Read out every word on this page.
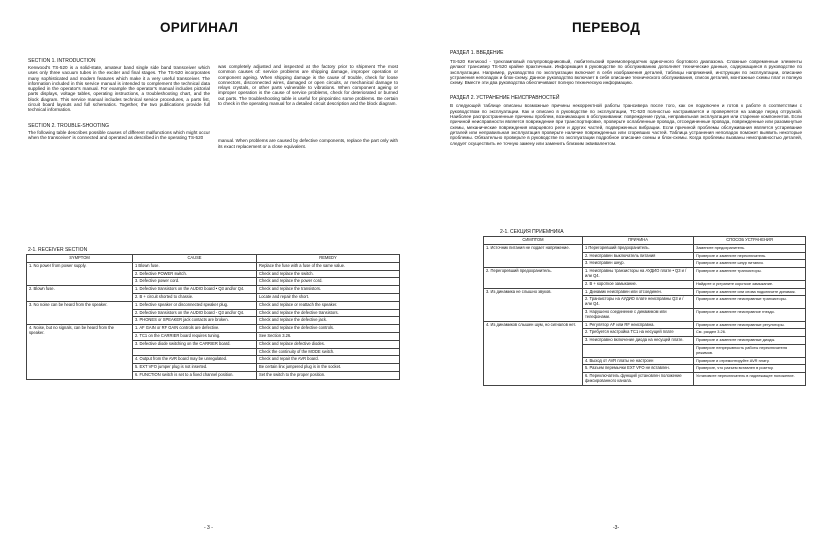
ОРИГИНАЛ
SECTION 1. INTRODUCTION
Kenwood's TS-520 is a solid-state, amateur band single side band transceiver which uses only three vacuum tubes in the exciter and final stages. The TS-520 incorporates many sophisticated and modern features which make it a very useful transceiver. The information included in this service manual is intended to complement the technical data supplied in the operator's manual. For example the operator's manual includes pictorial parts displays, voltage tables, operating instructions, a troubleshooting chart, and the block diagram. This service manual includes technical service procedures, a parts list, circuit board layouts and full schematics. Together, the two publications provide full technical information.
SECTION 2. TROUBLE-SHOOTING
The following table describes possible causes of different malfunctions which might occur when the transceiver' is connected and operated as described in the operating TS-520
was completely adjusted and inspected at the factory prior to shipment The most common causes of: service problems are shipping damage, improper operation or component ageing. When shipping damage is the cause of trouble, check for loose connectors, disconnected wires, damaged or open circuits, ar mechanical damage to relays crystals, or other parts vulnerable to vibrations. When component ageing or improper operation is the cause of service problems, check for deteriorated or burned out parts. The troubleshooting table is useful for pinpointinc some problems. Be certain to check in the operating manual for a detailed circuit description and the block diagram.
manual. When problems are caused by defective components, replace the part only with its exact replacement or a close equivalent.
2-1. RECEIVER SECTION
SYMPTOM	CAUSE	REMEDY
1. No power from power supply.	1 Blown fuse.	Replace the fuse with a fuse of the same value.
	2. Defective POWER switch.	Check and replace the switch.
	3. Defective power cord.	Check and replace the power cord.
2. Blown fuse.	1. Defective transistors on the AUDIO board • Q3 and/or Q4.	Check and replace the transistors.
	2. B + circuit shorted to chassie.	Locate and repair the short.
3. No noise can be heard from the speaker.	1. Defective speaker or disconnected speaker plug.	Check and replace or reattach the speaker.
	2. Defective transistors on the AUDIO board - Q3 and/or Q4.	Check and replace the defective transistors.
	3. PHONES or SPEAKER jack contacts are broken.	Check and replace the defective jack.
4. Noise, but no signals, can be heard from the speaker.	1. AF GAIN or RF GAIN controls are defective.	Check and replace the defective controls.
	2. TC1 on the CARRIER board requires tuning.	See Section 3.26.
	3. Defective diode switching on the CARRIER board.	Check and replace defective diodes.
		Check the continuity of the MODE switch.
	4. Output from the AVR board may be unregulated.	Check and repair the AVR board.
	5. EXT VFO jumper plug is not inserted.	Be certain linx jumpered plug is in the socket.
	6. FUNCTION switch is set to a fixed channel position.	Set the switch to the proper position.
- 3 -
ПЕРЕВОД
РАЗДЕЛ 1. ВВЕДЕНИЕ
TS-520 Kenwood - трехламповый полупроводниковый, любительский приемопередатчик одиночного бортового диапазона. Сложные современные элементы делают трансивер TS-520 крайне практичным. Информация в руководстве по обслуживанию дополняет технические данные, содержащиеся в руководстве по эксплуатации. Например, руководство по эксплуатации включает в себя изображения деталей, таблицы напряжений, инструкции по эксплуатации, описание устранения неполадок и блок-схему. Данное руководство включает в себя описание технического обслуживания, список деталей, монтажные схемы плат и полную схему. Вместе эти два руководства обеспечивают полную техническую информацию.
РАЗДЕЛ 2. УСТРАНЕНИЕ НЕИСПРАВНОСТЕЙ
В следующей таблице описаны возможные причины некорректной работы трансивера после того, как он подключен и готов к работе в соответствии с руководством по эксплуатации. Как и описано в руководстве по эксплуатации, TC-520 полностью настраивается и проверяется на заводе перед отгрузкой. Наиболее распространенные причины проблем, возникающих в обслуживании: повреждение груза, неправильная эксплуатация или старение компонентов. Если причиной неисправности является повреждение при транспортировке, проверьте ослабленные провода, отсоединенные провода, поврежденные или разомкнутые схемы, механические повреждения кварцевого реле и других частей, подверженных вибрации. Если причиной проблемы обслуживания является устаревание деталей или неправильная эксплуатация проверьте наличие поврежденных или сгоревших частей. Таблица устранения неполадок поможет выявить некоторые проблемы. Обязательно проверьте в руководстве по эксплуатации подробное описание схемы и блок-схемы. Когда проблемы вызваны неисправностью деталей, следует осуществить ее точную замену или заменить близким эквивалентом.
2-1. СЕКЦИЯ ПРИЕМНИКА
СИМПТОМ	ПРИЧИНА	СПОСОБ УСТРАНЕНИЯ
1. Источник питания не подает напряжение.	1 Перегоревший предохранитель.	Замените предохранитель.
	2. Неисправен выключатель питания	Проверьте и замените переключатель.
	3. Неисправен шнур.	Проверьте и замените шнур питания.
2. Перегоревший предохранитель.	1. Неисправны транзисторы на АУДИО плате • Q3 и / или Q4.	Проверьте и замените транзисторы.
	2. В + короткое замыкание.	Найдите и устраните короткое замыкание.
3. Из динамика не слышно звуков.	1. Динамик неисправен или отсоединен.	Проверьте и замените или снова подключите динамик.
	2. Транзисторы на АУДИО плате неисправны Q3 и / или Q4.	Проверьте и замените неисправные транзисторы.
	3. Нарушено соединение с динамиком или телефонами.	Проверьте и замените неисправное гнездо.
4. Из динамиков слышен шум, но сигналов нет.	1. Регулятор AF или RF неисправна.	Проверьте и замените неисправные регуляторы.
	2. Требуется настройка TC1 на несущей плате	См. раздел 3.26.
	3. Неисправно включение диода на несущей плате.	Проверьте и замените неисправные диоды.
		Проверьте непрерывность работы переключателя режимов.
	4. Выход от AVR платы не настроен	Проверьте и отремонтируйте AVR плату.
	5. Разъем перемычки EXT VFO не вставлен.	Проверьте, что разъем вставлен в розетку.
	6. Переключатель функций установлен положение фиксированного канала.	Установите переключатель в надлежащее положение.
-3-
